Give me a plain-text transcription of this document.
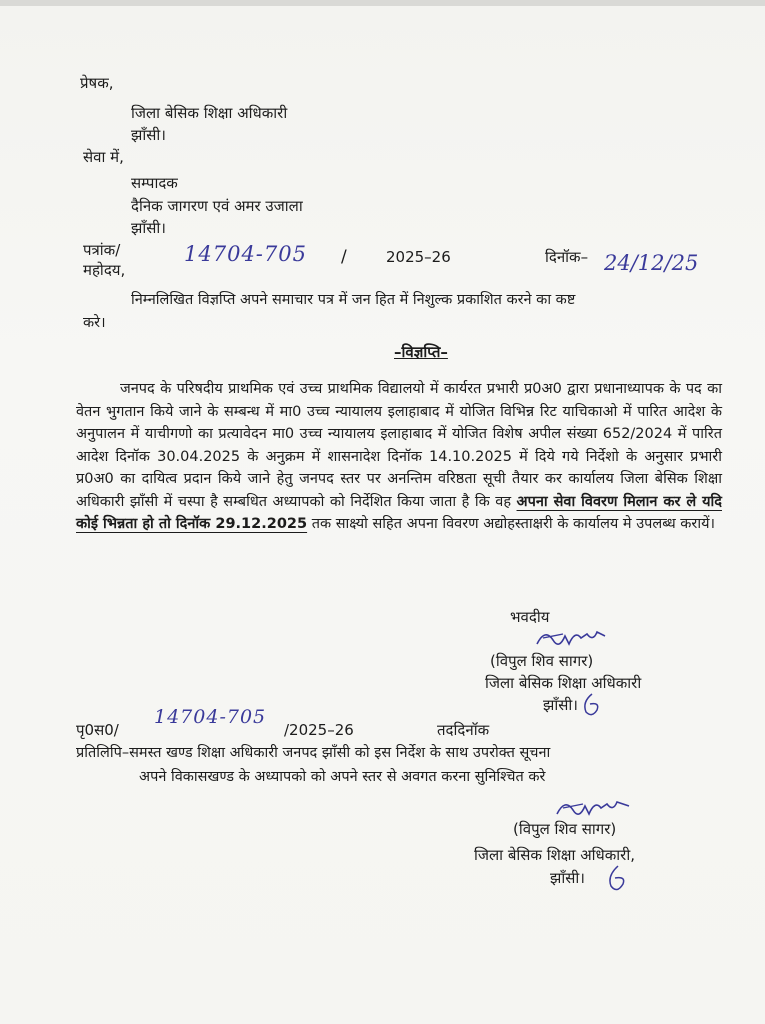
प्रेषक,
जिला बेसिक शिक्षा अधिकारी
झाँसी।
सेवा में,
सम्पादक
दैनिक जागरण एवं अमर उजाला
झाँसी।
पत्रांक/	14704-705 /	2025–26	दिनॉक– 24/12/25
महोदय,
निम्नलिखित विज्ञप्ति अपने समाचार पत्र में जन हित में निशुल्क प्रकाशित करने का कष्ट
करे।
–विज्ञप्ति–
जनपद के परिषदीय प्राथमिक एवं उच्च प्राथमिक विद्यालयो में कार्यरत प्रभारी प्र0अ0 द्वारा प्रधानाध्यापक के पद का वेतन भुगतान किये जाने के सम्बन्ध में मा0 उच्च न्यायालय इलाहाबाद में योजित विभिन्न रिट याचिकाओ में पारित आदेश के अनुपालन में याचीगणो का प्रत्यावेदन मा0 उच्च न्यायालय इलाहाबाद में योजित विशेष अपील संख्या 652/2024 में पारित आदेश दिनॉक 30.04.2025 के अनुक्रम में शासनादेश दिनॉक 14.10.2025 में दिये गये निर्देशो के अनुसार प्रभारी प्र0अ0 का दायित्व प्रदान किये जाने हेतु जनपद स्तर पर अनन्तिम वरिष्ठता सूची तैयार कर कार्यालय जिला बेसिक शिक्षा अधिकारी झाँसी में चस्पा है सम्बधित अध्यापको को निर्देशित किया जाता है कि वह अपना सेवा विवरण मिलान कर ले यदि कोई भिन्नता हो तो दिनॉक 29.12.2025 तक साक्ष्यो सहित अपना विवरण अद्योहस्ताक्षरी के कार्यालय मे उपलब्ध करायें।
भवदीय
(विपुल शिव सागर)
जिला बेसिक शिक्षा अधिकारी
झाँसी।
पृ0स0/
14704-705
/2025–26	तददिनॉक
प्रतिलिपि–समस्त खण्ड शिक्षा अधिकारी जनपद झाँसी को इस निर्देश के साथ उपरोक्त सूचना
अपने विकासखण्ड के अध्यापको को अपने स्तर से अवगत करना सुनिश्चित करे
(विपुल शिव सागर)
जिला बेसिक शिक्षा अधिकारी,
झाँसी।
